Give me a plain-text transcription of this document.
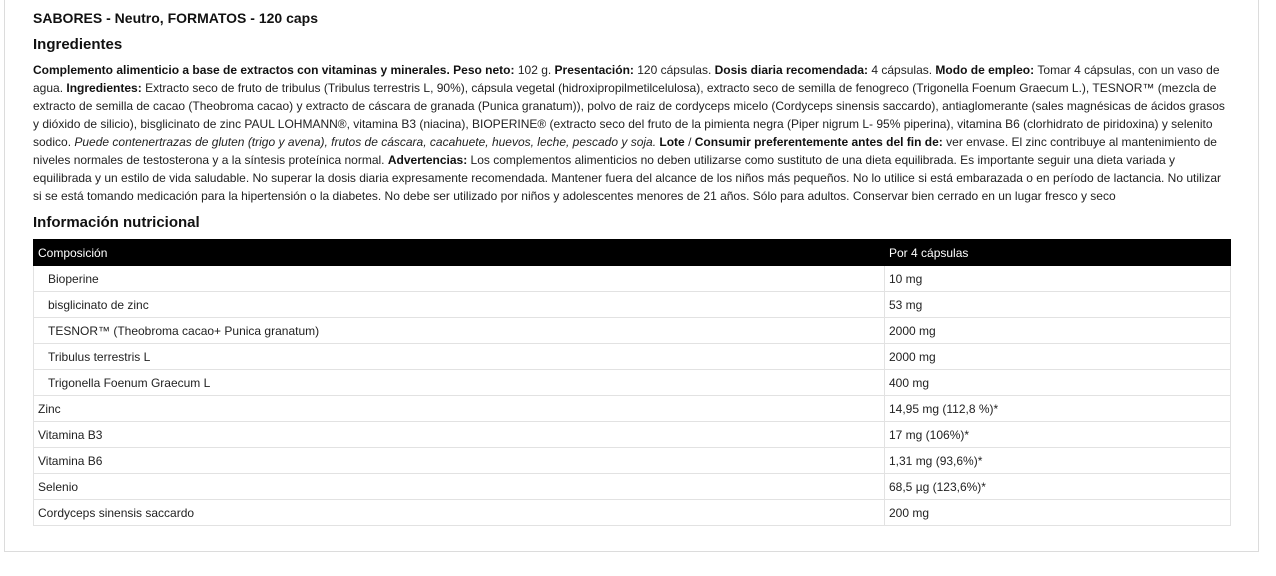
SABORES - Neutro, FORMATOS - 120 caps
Ingredientes
Complemento alimenticio a base de extractos con vitaminas y minerales. Peso neto: 102 g. Presentación: 120 cápsulas. Dosis diaria recomendada: 4 cápsulas. Modo de empleo: Tomar 4 cápsulas, con un vaso de agua. Ingredientes: Extracto seco de fruto de tribulus (Tribulus terrestris L, 90%), cápsula vegetal (hidroxipropilmetilcelulosa), extracto seco de semilla de fenogreco (Trigonella Foenum Graecum L.), TESNOR™ (mezcla de extracto de semilla de cacao (Theobroma cacao) y extracto de cáscara de granada (Punica granatum)), polvo de raiz de cordyceps micelo (Cordyceps sinensis saccardo), antiaglomerante (sales magnésicas de ácidos grasos y dióxido de silicio), bisglicinato de zinc PAUL LOHMANN®, vitamina B3 (niacina), BIOPERINE® (extracto seco del fruto de la pimienta negra (Piper nigrum L- 95% piperina), vitamina B6 (clorhidrato de piridoxina) y selenito sodico. Puede contenertrazas de gluten (trigo y avena), frutos de cáscara, cacahuete, huevos, leche, pescado y soja. Lote / Consumir preferentemente antes del fin de: ver envase. El zinc contribuye al mantenimiento de niveles normales de testosterona y a la síntesis proteínica normal. Advertencias: Los complementos alimenticios no deben utilizarse como sustituto de una dieta equilibrada. Es importante seguir una dieta variada y equilibrada y un estilo de vida saludable. No superar la dosis diaria expresamente recomendada. Mantener fuera del alcance de los niños más pequeños. No lo utilice si está embarazada o en período de lactancia. No utilizar si se está tomando medicación para la hipertensión o la diabetes. No debe ser utilizado por niños y adolescentes menores de 21 años. Sólo para adultos. Conservar bien cerrado en un lugar fresco y seco
Información nutricional
Composición	Por 4 cápsulas
Bioperine	10 mg
bisglicinato de zinc	53 mg
TESNOR™ (Theobroma cacao+ Punica granatum)	2000 mg
Tribulus terrestris L	2000 mg
Trigonella Foenum Graecum L	400 mg
Zinc	14,95 mg (112,8 %)*
Vitamina B3	17 mg (106%)*
Vitamina B6	1,31 mg (93,6%)*
Selenio	68,5 µg (123,6%)*
Cordyceps sinensis saccardo	200 mg
